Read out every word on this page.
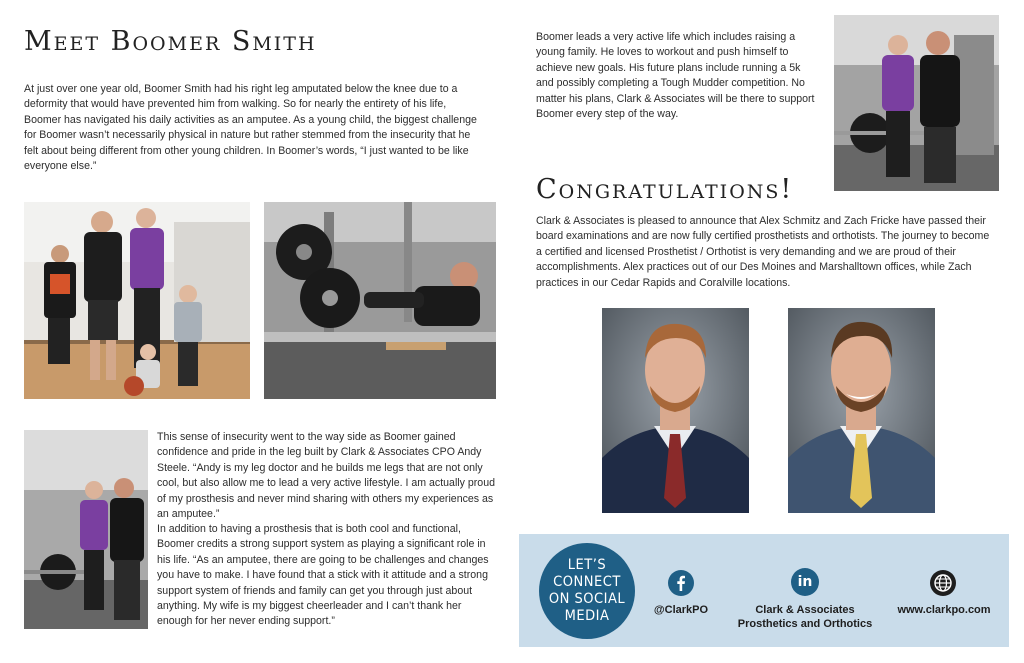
Meet Boomer Smith

At just over one year old, Boomer Smith had his right leg amputated below the knee due to a deformity that would have prevented him from walking. So for nearly the entirety of his life, Boomer has navigated his daily activities as an amputee. As a young child, the biggest challenge for Boomer wasn’t necessarily physical in nature but rather stemmed from the insecurity that he felt about being different from other young children. In Boomer’s words, “I just wanted to be like everyone else.”

This sense of insecurity went to the way side as Boomer gained confidence and pride in the leg built by Clark & Associates CPO Andy Steele. “Andy is my leg doctor and he builds me legs that are not only cool, but also allow me to lead a very active lifestyle. I am actually proud of my prosthesis and never mind sharing with others my experiences as an amputee.”

In addition to having a prosthesis that is both cool and functional, Boomer credits a strong support system as playing a significant role in his life. “As an amputee, there are going to be challenges and changes you have to make. I have found that a stick with it attitude and a strong support system of friends and family can get you through just about anything. My wife is my biggest cheerleader and I can’t thank her enough for her never ending support.”

Boomer leads a very active life which includes raising a young family. He loves to workout and push himself to achieve new goals. His future plans include running a 5k and possibly completing a Tough Mudder competition. No matter his plans, Clark & Associates will be there to support Boomer every step of the way.

Congratulations!

Clark & Associates is pleased to announce that Alex Schmitz and Zach Fricke have passed their board examinations and are now fully certified prosthetists and orthotists. The journey to become a certified and licensed Prosthetist / Orthotist is very demanding and we are proud of their accomplishments. Alex practices out of our Des Moines and Marshalltown offices, while Zach practices in our Cedar Rapids and Coralville locations.

LET’S
CONNECT
ON SOCIAL
MEDIA	@ClarkPO
in
Clark & Associates
Prosthetics and Orthotics
www.clarkpo.com
